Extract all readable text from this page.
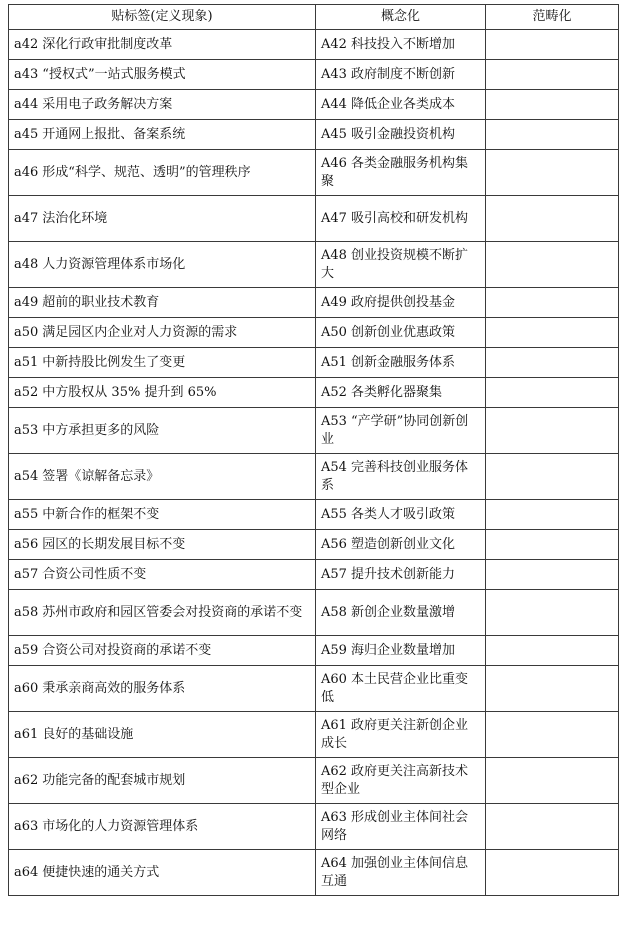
贴标签(定义现象)	概念化	范畴化
a42 深化行政审批制度改革	A42 科技投入不断增加	
a43 “授权式”一站式服务模式	A43 政府制度不断创新	
a44 采用电子政务解决方案	A44 降低企业各类成本	
a45 开通网上报批、备案系统	A45 吸引金融投资机构	
a46 形成“科学、规范、透明”的管理秩序	A46 各类金融服务机构集聚	
a47 法治化环境	A47 吸引高校和研发机构	
a48 人力资源管理体系市场化	A48 创业投资规模不断扩大	
a49 超前的职业技术教育	A49 政府提供创投基金	
a50 满足园区内企业对人力资源的需求	A50 创新创业优惠政策	
a51 中新持股比例发生了变更	A51 创新金融服务体系	
a52 中方股权从 35% 提升到 65%	A52 各类孵化器聚集	
a53 中方承担更多的风险	A53 “产学研”协同创新创业	
a54 签署《谅解备忘录》	A54 完善科技创业服务体系	
a55 中新合作的框架不变	A55 各类人才吸引政策	
a56 园区的长期发展目标不变	A56 塑造创新创业文化	
a57 合资公司性质不变	A57 提升技术创新能力	
a58 苏州市政府和园区管委会对投资商的承诺不变	A58 新创企业数量激增	
a59 合资公司对投资商的承诺不变	A59 海归企业数量增加	
a60 秉承亲商高效的服务体系	A60 本土民营企业比重变低	
a61 良好的基础设施	A61 政府更关注新创企业成长	
a62 功能完备的配套城市规划	A62 政府更关注高新技术型企业	
a63 市场化的人力资源管理体系	A63 形成创业主体间社会网络	
a64 便捷快速的通关方式	A64 加强创业主体间信息互通	
